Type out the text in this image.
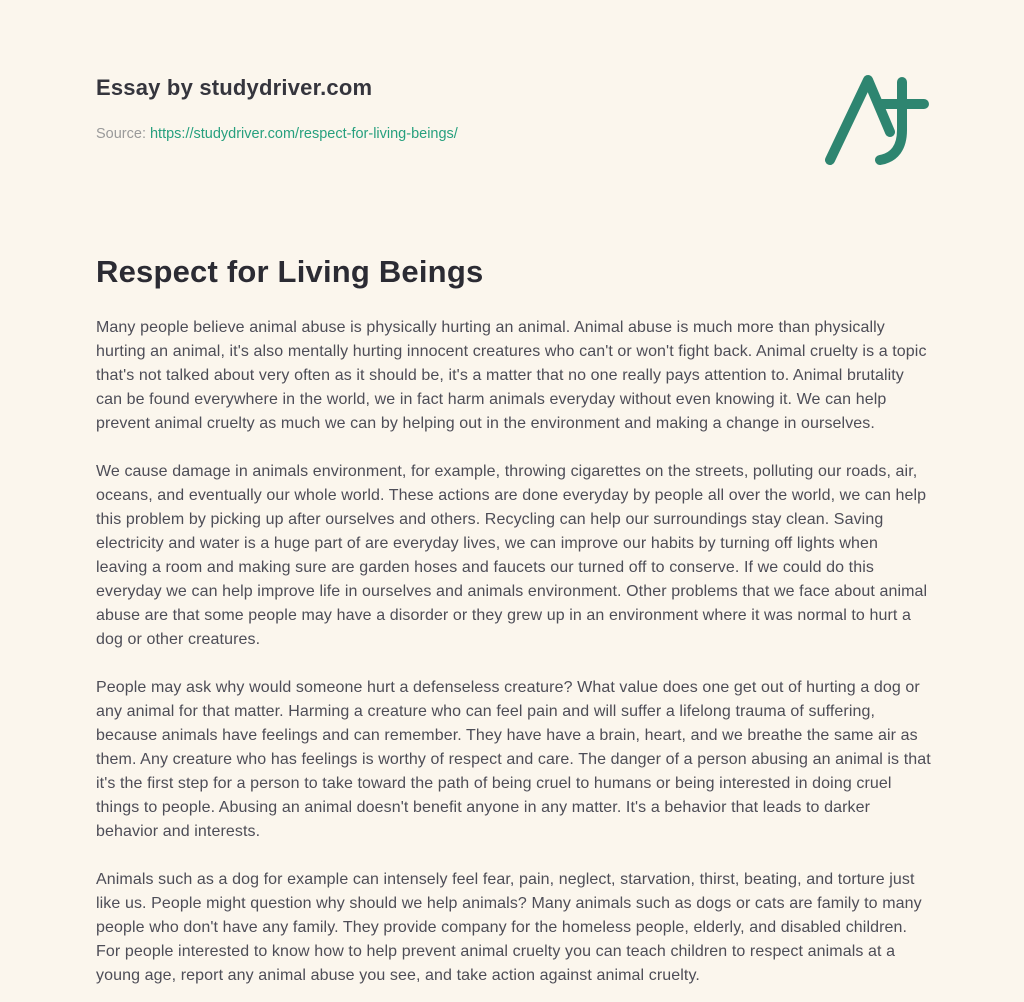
Essay by studydriver.com
Source: https://studydriver.com/respect-for-living-beings/
Respect for Living Beings

Many people believe animal abuse is physically hurting an animal. Animal abuse is much more than physically hurting an animal, it's also mentally hurting innocent creatures who can't or won't fight back. Animal cruelty is a topic that's not talked about very often as it should be, it's a matter that no one really pays attention to. Animal brutality can be found everywhere in the world, we in fact harm animals everyday without even knowing it. We can help prevent animal cruelty as much we can by helping out in the environment and making a change in ourselves.

We cause damage in animals environment, for example, throwing cigarettes on the streets, polluting our roads, air, oceans, and eventually our whole world. These actions are done everyday by people all over the world, we can help this problem by picking up after ourselves and others. Recycling can help our surroundings stay clean. Saving electricity and water is a huge part of are everyday lives, we can improve our habits by turning off lights when leaving a room and making sure are garden hoses and faucets our turned off to conserve. If we could do this everyday we can help improve life in ourselves and animals environment. Other problems that we face about animal abuse are that some people may have a disorder or they grew up in an environment where it was normal to hurt a dog or other creatures.

People may ask why would someone hurt a defenseless creature? What value does one get out of hurting a dog or any animal for that matter. Harming a creature who can feel pain and will suffer a lifelong trauma of suffering, because animals have feelings and can remember. They have have a brain, heart, and we breathe the same air as them. Any creature who has feelings is worthy of respect and care. The danger of a person abusing an animal is that it's the first step for a person to take toward the path of being cruel to humans or being interested in doing cruel things to people. Abusing an animal doesn't benefit anyone in any matter. It's a behavior that leads to darker behavior and interests.

Animals such as a dog for example can intensely feel fear, pain, neglect, starvation, thirst, beating, and torture just like us. People might question why should we help animals? Many animals such as dogs or cats are family to many people who don't have any family. They provide company for the homeless people, elderly, and disabled children. For people interested to know how to help prevent animal cruelty you can teach children to respect animals at a young age, report any animal abuse you see, and take action against animal cruelty.
